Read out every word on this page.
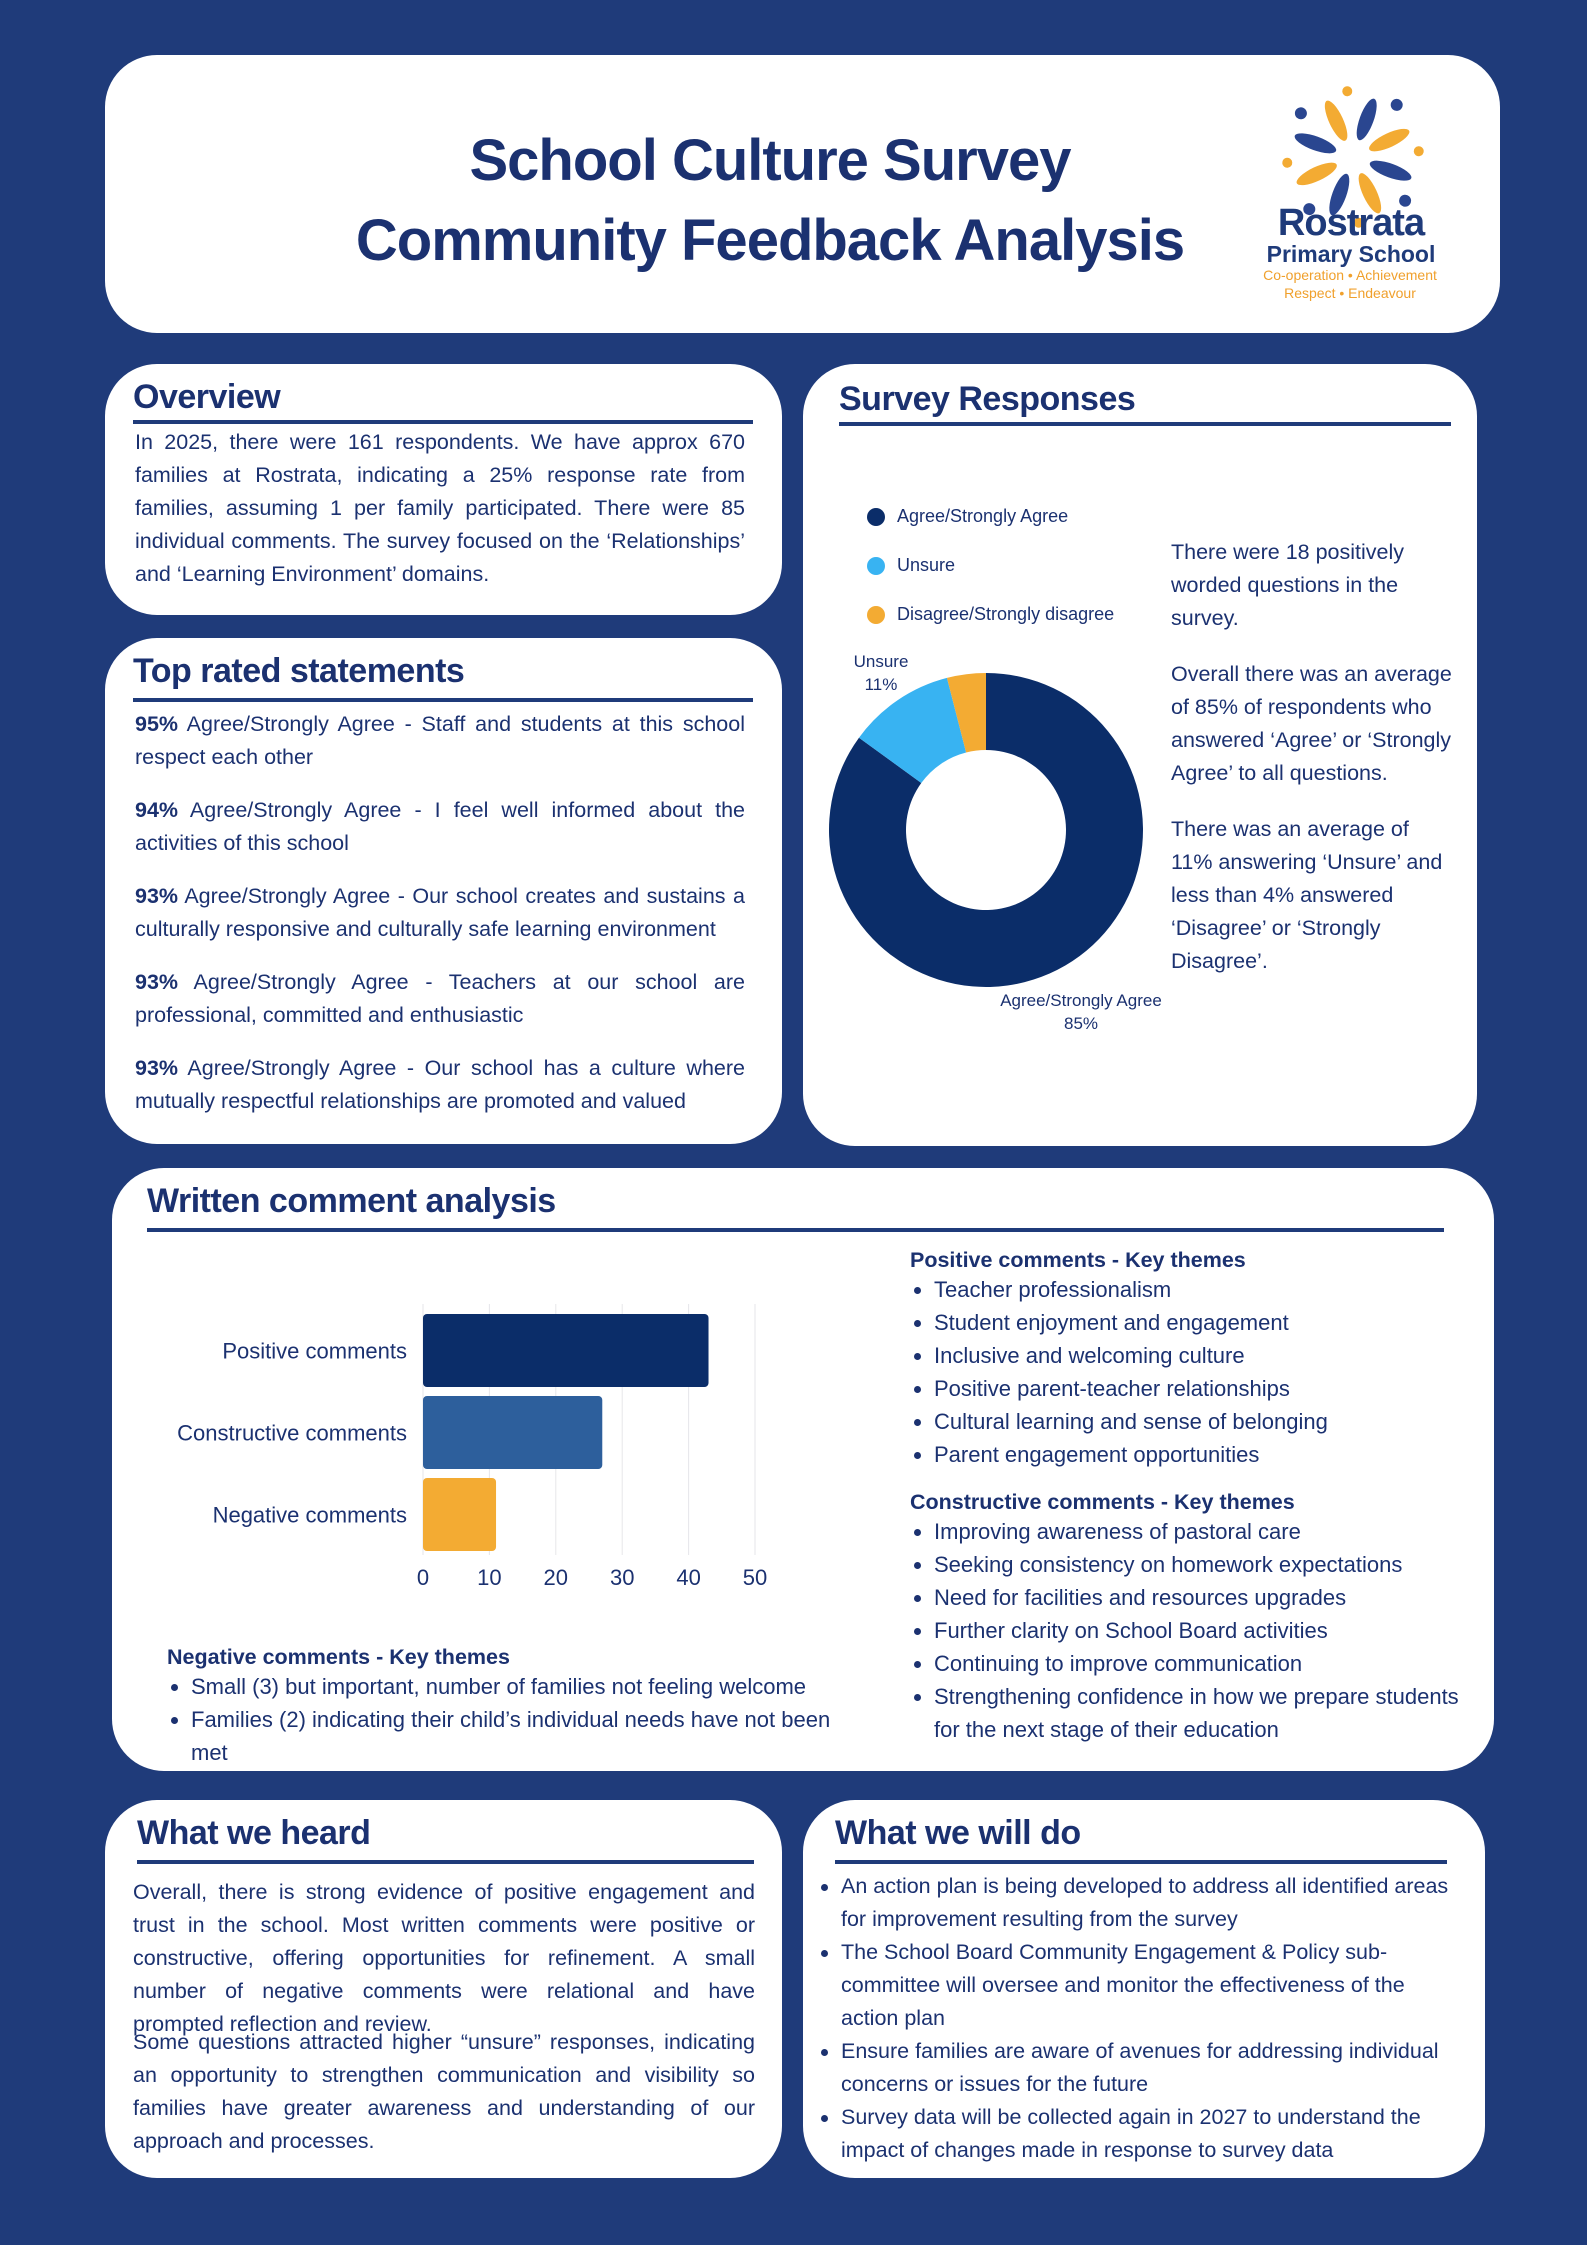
School Culture Survey
Community Feedback Analysis	Rostrata
Primary School
Co-operation • Achievement
Respect • Endeavour
Overview
In 2025, there were 161 respondents. We have approx 670 families at Rostrata, indicating a 25% response rate from families, assuming 1 per family participated. There were 85 individual comments. The survey focused on the ‘Relationships’ and ‘Learning Environment’ domains.
Top rated statements
95% Agree/Strongly Agree - Staff and students at this school respect each other
94% Agree/Strongly Agree - I feel well informed about the activities of this school
93% Agree/Strongly Agree - Our school creates and sustains a culturally responsive and culturally safe learning environment
93% Agree/Strongly Agree - Teachers at our school are professional, committed and enthusiastic
93% Agree/Strongly Agree - Our school has a culture where mutually respectful relationships are promoted and valued
Survey Responses
Agree/Strongly Agree
Unsure
Disagree/Strongly disagree
Agree/Strongly Agree 85%
Unsure 11%
There were 18 positively worded questions in the survey.
Overall there was an average of 85% of respondents who answered ‘Agree’ or ‘Strongly Agree’ to all questions.
There was an average of 11% answering ‘Unsure’ and less than 4% answered ‘Disagree’ or ‘Strongly Disagree’.
Written comment analysis
Positive comments
Constructive comments
Negative comments
0 10 20 30 40 50
Negative comments - Key themes
Small (3) but important, number of families not feeling welcome
Families (2) indicating their child’s individual needs have not been met
Positive comments - Key themes
Teacher professionalism
Student enjoyment and engagement
Inclusive and welcoming culture
Positive parent-teacher relationships
Cultural learning and sense of belonging
Parent engagement opportunities
Constructive comments - Key themes
Improving awareness of pastoral care
Seeking consistency on homework expectations
Need for facilities and resources upgrades
Further clarity on School Board activities
Continuing to improve communication
Strengthening confidence in how we prepare students for the next stage of their education
What we heard
Overall, there is strong evidence of positive engagement and trust in the school. Most written comments were positive or constructive, offering opportunities for refinement. A small number of negative comments were relational and have prompted reflection and review.
Some questions attracted higher “unsure” responses, indicating an opportunity to strengthen communication and visibility so families have greater awareness and understanding of our approach and processes.
What we will do
An action plan is being developed to address all identified areas for improvement resulting from the survey
The School Board Community Engagement & Policy sub-committee will oversee and monitor the effectiveness of the action plan
Ensure families are aware of avenues for addressing individual concerns or issues for the future
Survey data will be collected again in 2027 to understand the impact of changes made in response to survey data
